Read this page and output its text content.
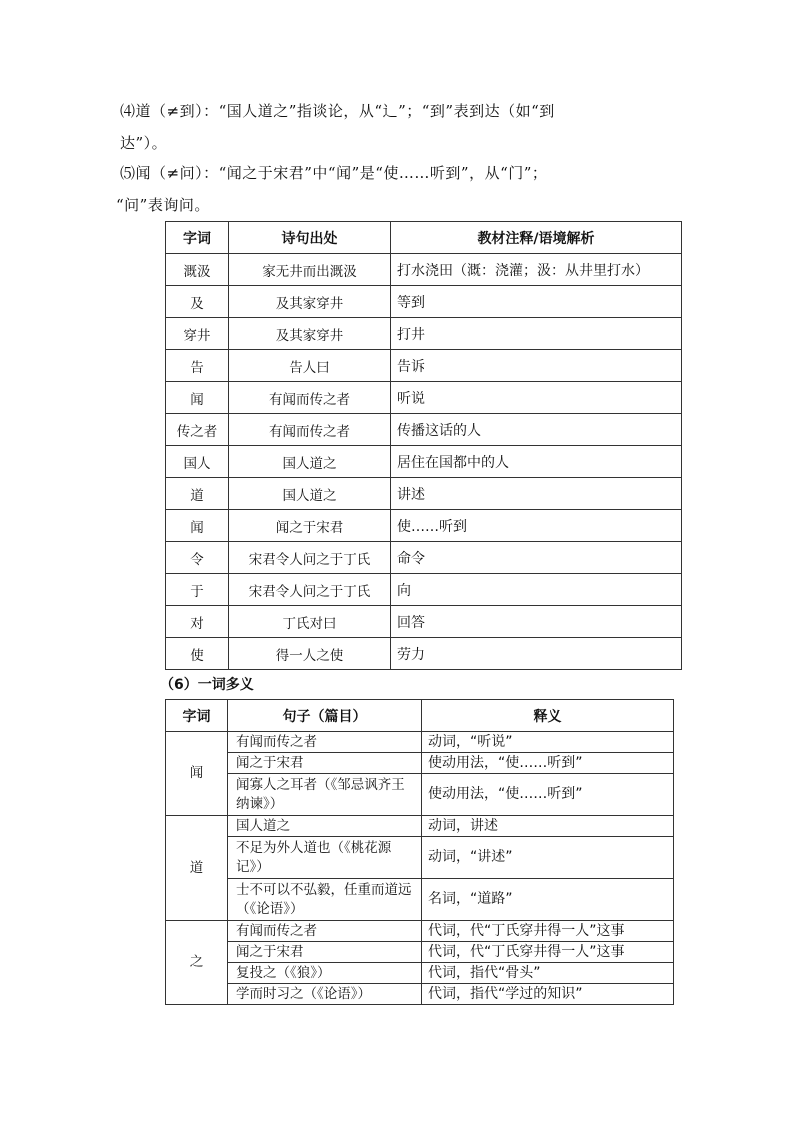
⑷道（≠到）：“国人道之”指谈论，从“辶”；“到”表到达（如“到
达”）。
⑸闻（≠问）：“闻之于宋君”中“闻”是“使……听到”，从“门”；
“问”表询问。
字词	诗句出处	教材注释/语境解析
溉汲	家无井而出溉汲	打水浇田（溉：浇灌；汲：从井里打水）
及	及其家穿井	等到
穿井	及其家穿井	打井
告	告人曰	告诉
闻	有闻而传之者	听说
传之者	有闻而传之者	传播这话的人
国人	国人道之	居住在国都中的人
道	国人道之	讲述
闻	闻之于宋君	使……听到
令	宋君令人问之于丁氏	命令
于	宋君令人问之于丁氏	向
对	丁氏对曰	回答
使	得一人之使	劳力
（6）一词多义
字词	句子（篇目）	释义
闻	有闻而传之者	动词，“听说”
	闻之于宋君	使动用法，“使……听到”
	闻寡人之耳者（《邹忌讽齐王纳谏》）	使动用法，“使……听到”
道	国人道之	动词，讲述
	不足为外人道也（《桃花源记》）	动词，“讲述”
	士不可以不弘毅，任重而道远（《论语》）	名词，“道路”
之	有闻而传之者	代词，代“丁氏穿井得一人”这事
	闻之于宋君	代词，代“丁氏穿井得一人”这事
	复投之（《狼》）	代词，指代“骨头”
	学而时习之（《论语》）	代词，指代“学过的知识”
